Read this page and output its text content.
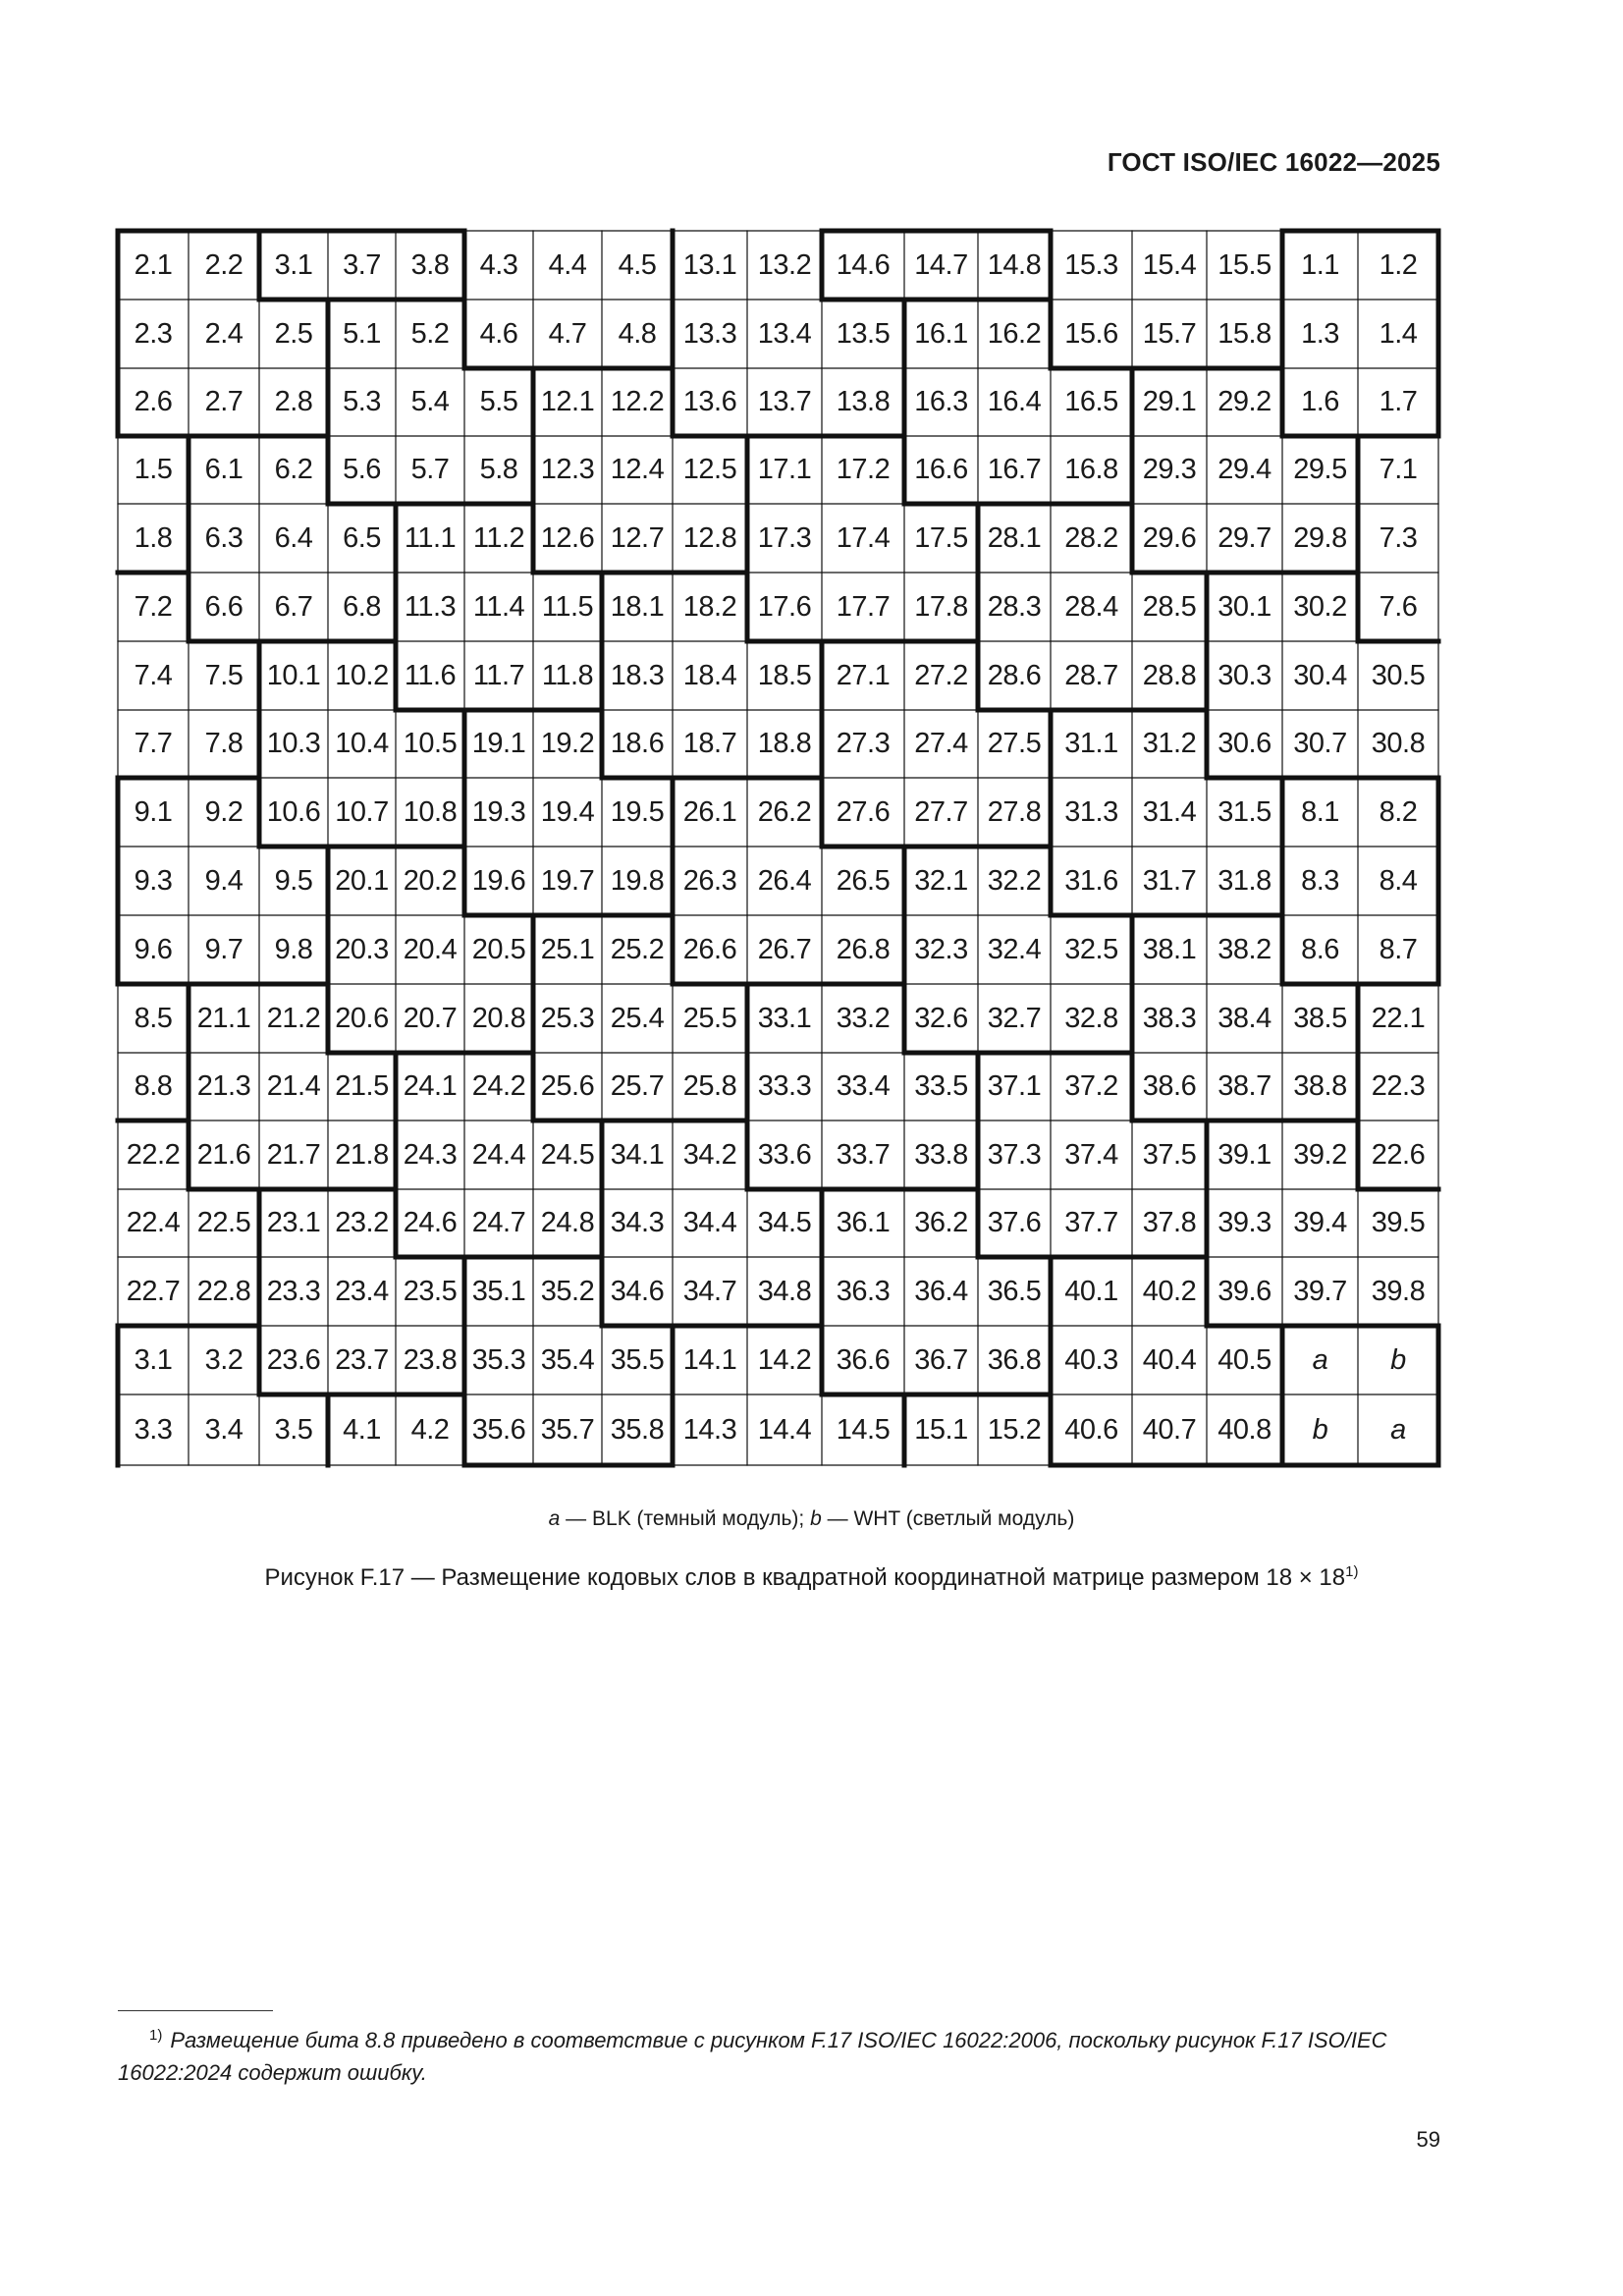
ГОСТ ISO/IEC 16022—2025
2.1	2.2	3.1	3.7	3.8	4.3	4.4	4.5 13.1 13.2 14.6 14.7 14.8 15.3 15.4 15.5	1.1	1.2
2.3	2.4	2.5	5.1	5.2	4.6	4.7	4.8 13.3 13.4 13.5 16.1 16.2 15.6 15.7 15.8	1.3	1.4
2.6	2.7	2.8	5.3	5.4	5.5 12.1 12.2 13.6 13.7 13.8 16.3 16.4 16.5 29.1 29.2	1.6	1.7
1.5	6.1	6.2	5.6	5.7	5.8 12.3 12.4 12.5 17.1 17.2 16.6 16.7 16.8 29.3 29.4 29.5	7.1
1.8	6.3	6.4	6.5 11.1 11.2 12.6 12.7 12.8 17.3 17.4 17.5 28.1 28.2 29.6 29.7 29.8	7.3
7.2	6.6	6.7	6.8 11.3 11.4 11.5 18.1 18.2 17.6 17.7 17.8 28.3 28.4 28.5 30.1 30.2	7.6
7.4	7.5 10.1 10.2 11.6 11.7 11.8 18.3 18.4 18.5 27.1 27.2 28.6 28.7 28.8 30.3 30.4 30.5
7.7	7.8 10.3 10.4 10.5 19.1 19.2 18.6 18.7 18.8 27.3 27.4 27.5 31.1 31.2 30.6 30.7 30.8
9.1	9.2 10.6 10.7 10.8 19.3 19.4 19.5 26.1 26.2 27.6 27.7 27.8 31.3 31.4 31.5	8.1	8.2
9.3	9.4	9.5 20.1 20.2 19.6 19.7 19.8 26.3 26.4 26.5 32.1 32.2 31.6 31.7 31.8	8.3	8.4
9.6	9.7	9.8 20.3 20.4 20.5 25.1 25.2 26.6 26.7 26.8 32.3 32.4 32.5 38.1 38.2	8.6	8.7
8.5 21.1 21.2 20.6 20.7 20.8 25.3 25.4 25.5 33.1 33.2 32.6 32.7 32.8 38.3 38.4 38.5 22.1
8.8 21.3 21.4 21.5 24.1 24.2 25.6 25.7 25.8 33.3 33.4 33.5 37.1 37.2 38.6 38.7 38.8 22.3
22.2 21.6 21.7 21.8 24.3 24.4 24.5 34.1 34.2 33.6 33.7 33.8 37.3 37.4 37.5 39.1 39.2 22.6
22.4 22.5 23.1 23.2 24.6 24.7 24.8 34.3 34.4 34.5 36.1 36.2 37.6 37.7 37.8 39.3 39.4 39.5
22.7 22.8 23.3 23.4 23.5 35.1 35.2 34.6 34.7 34.8 36.3 36.4 36.5 40.1 40.2 39.6 39.7 39.8
3.1	3.2 23.6 23.7 23.8 35.3 35.4 35.5 14.1 14.2 36.6 36.7 36.8 40.3 40.4 40.5	a	b
3.3	3.4	3.5	4.1	4.2 35.6 35.7 35.8 14.3 14.4 14.5 15.1 15.2 40.6 40.7 40.8	b	a
a — BLK (темный модуль); b — WHT (светлый модуль)
Рисунок F.17 — Размещение кодовых слов в квадратной координатной матрице размером $18 \times 18^{1)}$
$^{1)}$ Размещение бита 8.8 приведено в соответствие с рисунком F.17 ISO/IEC 16022:2006, поскольку рисунок F.17 ISO/IEC 16022:2024 содержит ошибку.
59
